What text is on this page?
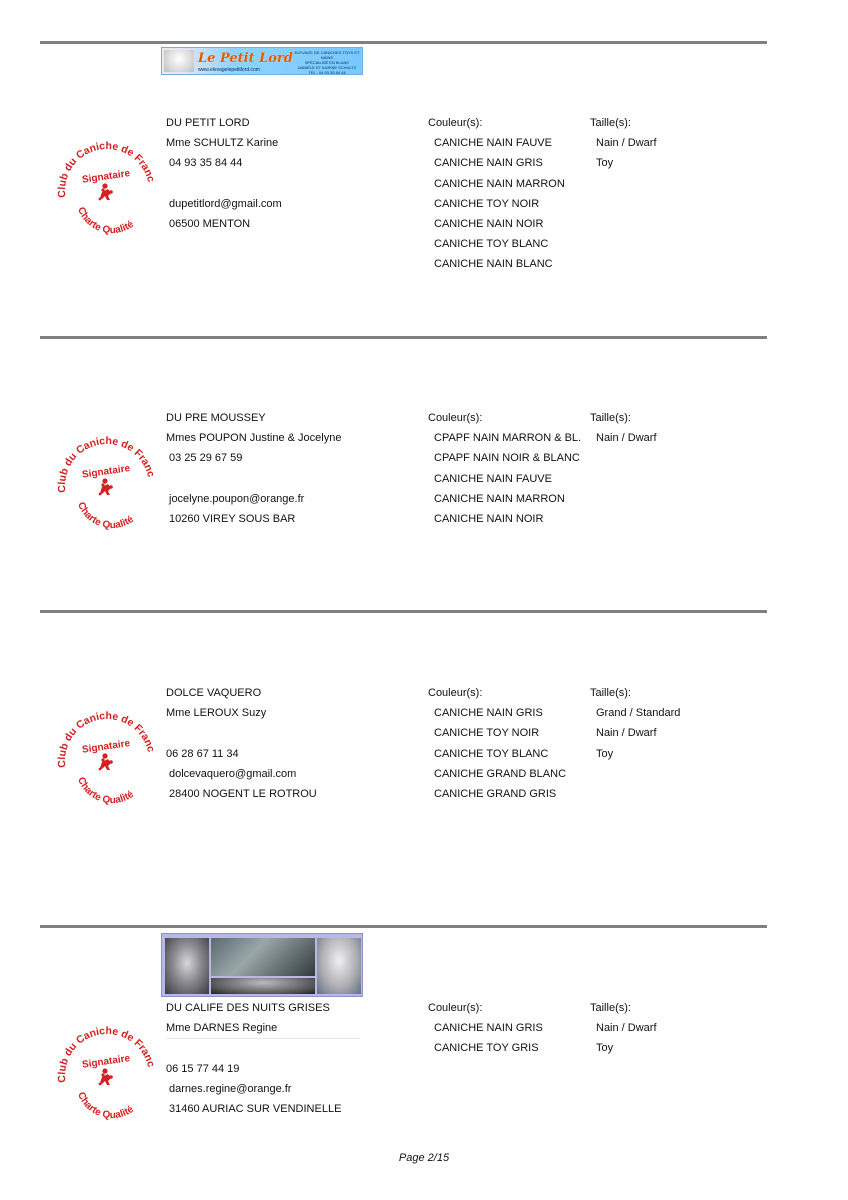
Le Petit Lord ELEVAGE DE CANICHES TOYS ET NAINS
SPÉCIALISÉ EN BLANC
DANIÈLE ET KARINE SCHULTZ
TEL : 04 93 35 84 44
www.elevagelepetitlord.com
DU PETIT LORD
Mme SCHULTZ Karine
04 93 35 84 44
dupetitlord@gmail.com
06500 MENTON
Couleur(s):
CANICHE NAIN FAUVE
CANICHE NAIN GRIS
CANICHE NAIN MARRON
CANICHE TOY NOIR
CANICHE NAIN NOIR
CANICHE TOY BLANC
CANICHE NAIN BLANC
Taille(s):
Nain / Dwarf
Toy
DU PRE MOUSSEY
Mmes POUPON Justine & Jocelyne
03 25 29 67 59
jocelyne.poupon@orange.fr
10260 VIREY SOUS BAR
Couleur(s):
CPAPF NAIN MARRON & BL.
CPAPF NAIN NOIR & BLANC
CANICHE NAIN FAUVE
CANICHE NAIN MARRON
CANICHE NAIN NOIR
Taille(s):
Nain / Dwarf
DOLCE VAQUERO
Mme LEROUX Suzy
06 28 67 11 34
dolcevaquero@gmail.com
28400 NOGENT LE ROTROU
Couleur(s):
CANICHE NAIN GRIS
CANICHE TOY NOIR
CANICHE TOY BLANC
CANICHE GRAND BLANC
CANICHE GRAND GRIS
Taille(s):
Grand / Standard
Nain / Dwarf
Toy
DU CALIFE DES NUITS GRISES
Mme DARNES Regine
06 15 77 44 19
darnes.regine@orange.fr
31460 AURIAC SUR VENDINELLE
Couleur(s):
CANICHE NAIN GRIS
CANICHE TOY GRIS
Taille(s):
Nain / Dwarf
Toy
Page 2/15
